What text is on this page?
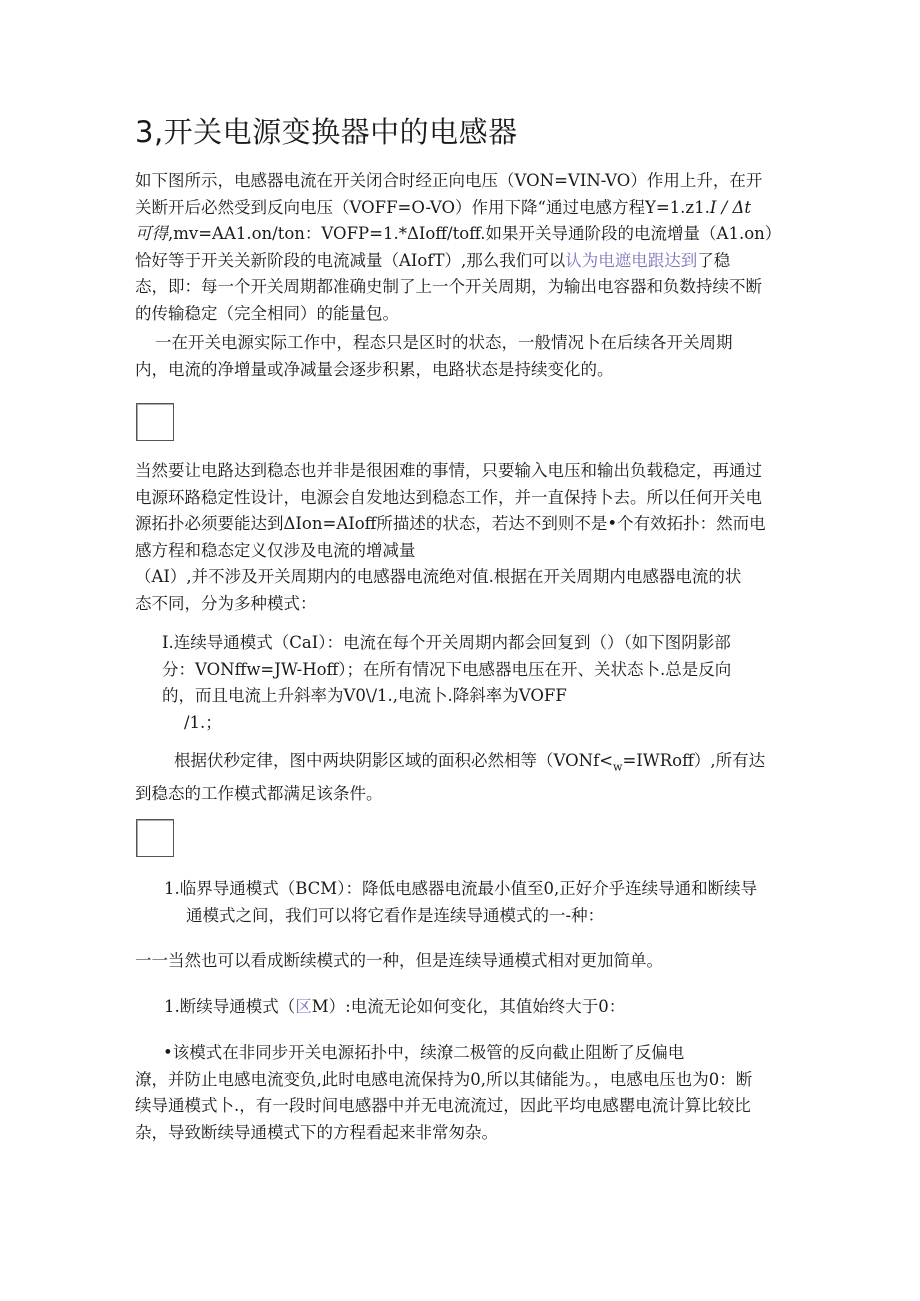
3,开关电源变换器中的电感器
如下图所示，电感器电流在开关闭合时经正向电压（VON=VIN-VO）作用上升，在开
关断开后必然受到反向电压（VOFF=O-VO）作用下降“通过电感方程Y=1.z1.I / Δt
可得,mv=AA1.on/ton：VOFP=1.*ΔIoff/toff.如果开关导通阶段的电流增量（A1.on）
恰好等于开关关新阶段的电流减量（AIofT）,那么我们可以认为电遮电跟达到了稳
态，即：每一个开关周期都准确史制了上一个开关周期，为输出电容器和负数持续不断
的传输稳定（完全相同）的能量包。
一在开关电源实际工作中，程态只是区时的状态，一般情况卜在后续各开关周期
内，电流的净增量或净减量会逐步积累，电路状态是持续变化的。
当然要让电路达到稳态也并非是很困难的事情，只要输入电压和输出负载稳定，再通过
电源环路稳定性设计，电源会自发地达到稳态工作，并一直保持卜去。所以任何开关电
源拓扑必须要能达到ΔIon=AIoff所描述的状态，若达不到则不是•个有效拓扑：然而电
感方程和稳态定义仅涉及电流的增减量
（AI）,并不涉及开关周期内的电感器电流绝对值.根据在开关周期内电感器电流的状
态不同，分为多种模式：
I.连续导通模式（CaI）：电流在每个开关周期内都会回复到（）（如下图阴影部
分：VONffw=JW-Hoff）；在所有情况下电感器电压在开、关状态卜.总是反向
的，而且电流上升斜率为V0\/1.,电流卜.降斜率为VOFF
/1.；
根据伏秒定律，图中两块阴影区域的面积必然相等$(VONf<_w=IWRoff)$,所有达
到稳态的工作模式都满足该条件。
1.临界导通模式（BCM）：降低电感器电流最小值至0,正好介乎连续导通和断续导
通模式之间，我们可以将它看作是连续导通模式的一-种：
一一当然也可以看成断续模式的一种，但是连续导通模式相对更加简单。
1.断续导通模式（区M）:电流无论如何变化，其值始终大于0：
•该模式在非同步开关电源拓扑中，续潦二极管的反向截止阻断了反偏电
潦，并防止电感电流变负,此时电感电流保持为0,所以其储能为。，电感电压也为0：断
续导通模式卜.，有一段时间电感器中并无电流流过，因此平均电感罌电流计算比较比
杂，导致断续导通模式下的方程看起来非常匆杂。
